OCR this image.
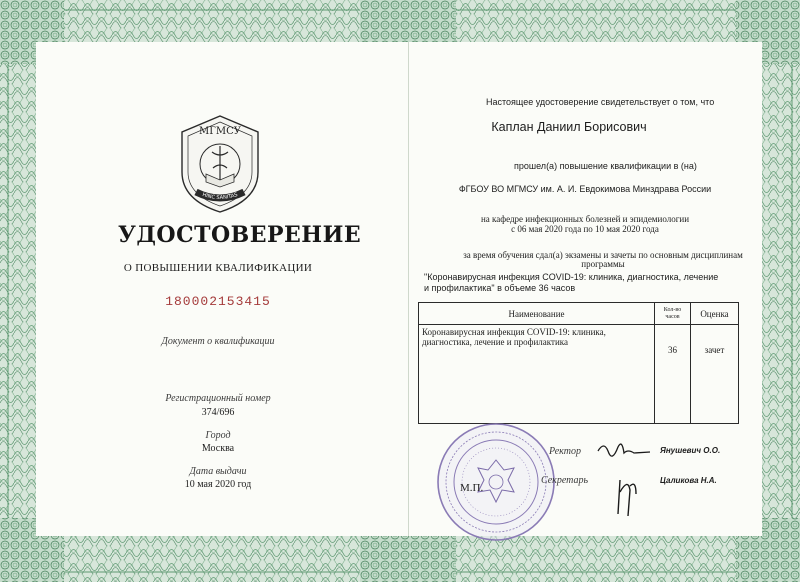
МГМСУ
HINC SANITAS
УДОСТОВЕРЕНИЕ
О ПОВЫШЕНИИ КВАЛИФИКАЦИИ
180002153415
Документ о квалификации
Регистрационный номер
374/696
Город
Москва
Дата выдачи
10 мая 2020 год
Настоящее удостоверение свидетельствует о том, что
Каплан Даниил Борисович
прошел(а) повышение квалификации в (на)
ФГБОУ ВО МГМСУ им. А. И. Евдокимова Минздрава России
на кафедре инфекционных болезней и эпидемиологии
с 06 мая 2020 года по 10 мая 2020 года
за время обучения сдал(а) экзамены и зачеты по основным дисциплинам
программы
"Коронавирусная инфекция COVID-19: клиника, диагностика, лечение и профилактика" в объеме 36 часов
Наименование	Кол-во часов	Оценка
Коронавирусная инфекция COVID-19: клиника, диагностика, лечение и профилактика	36	зачет
М.П.
Ректор	Янушевич О.О.
Секретарь	Цаликова Н.А.
